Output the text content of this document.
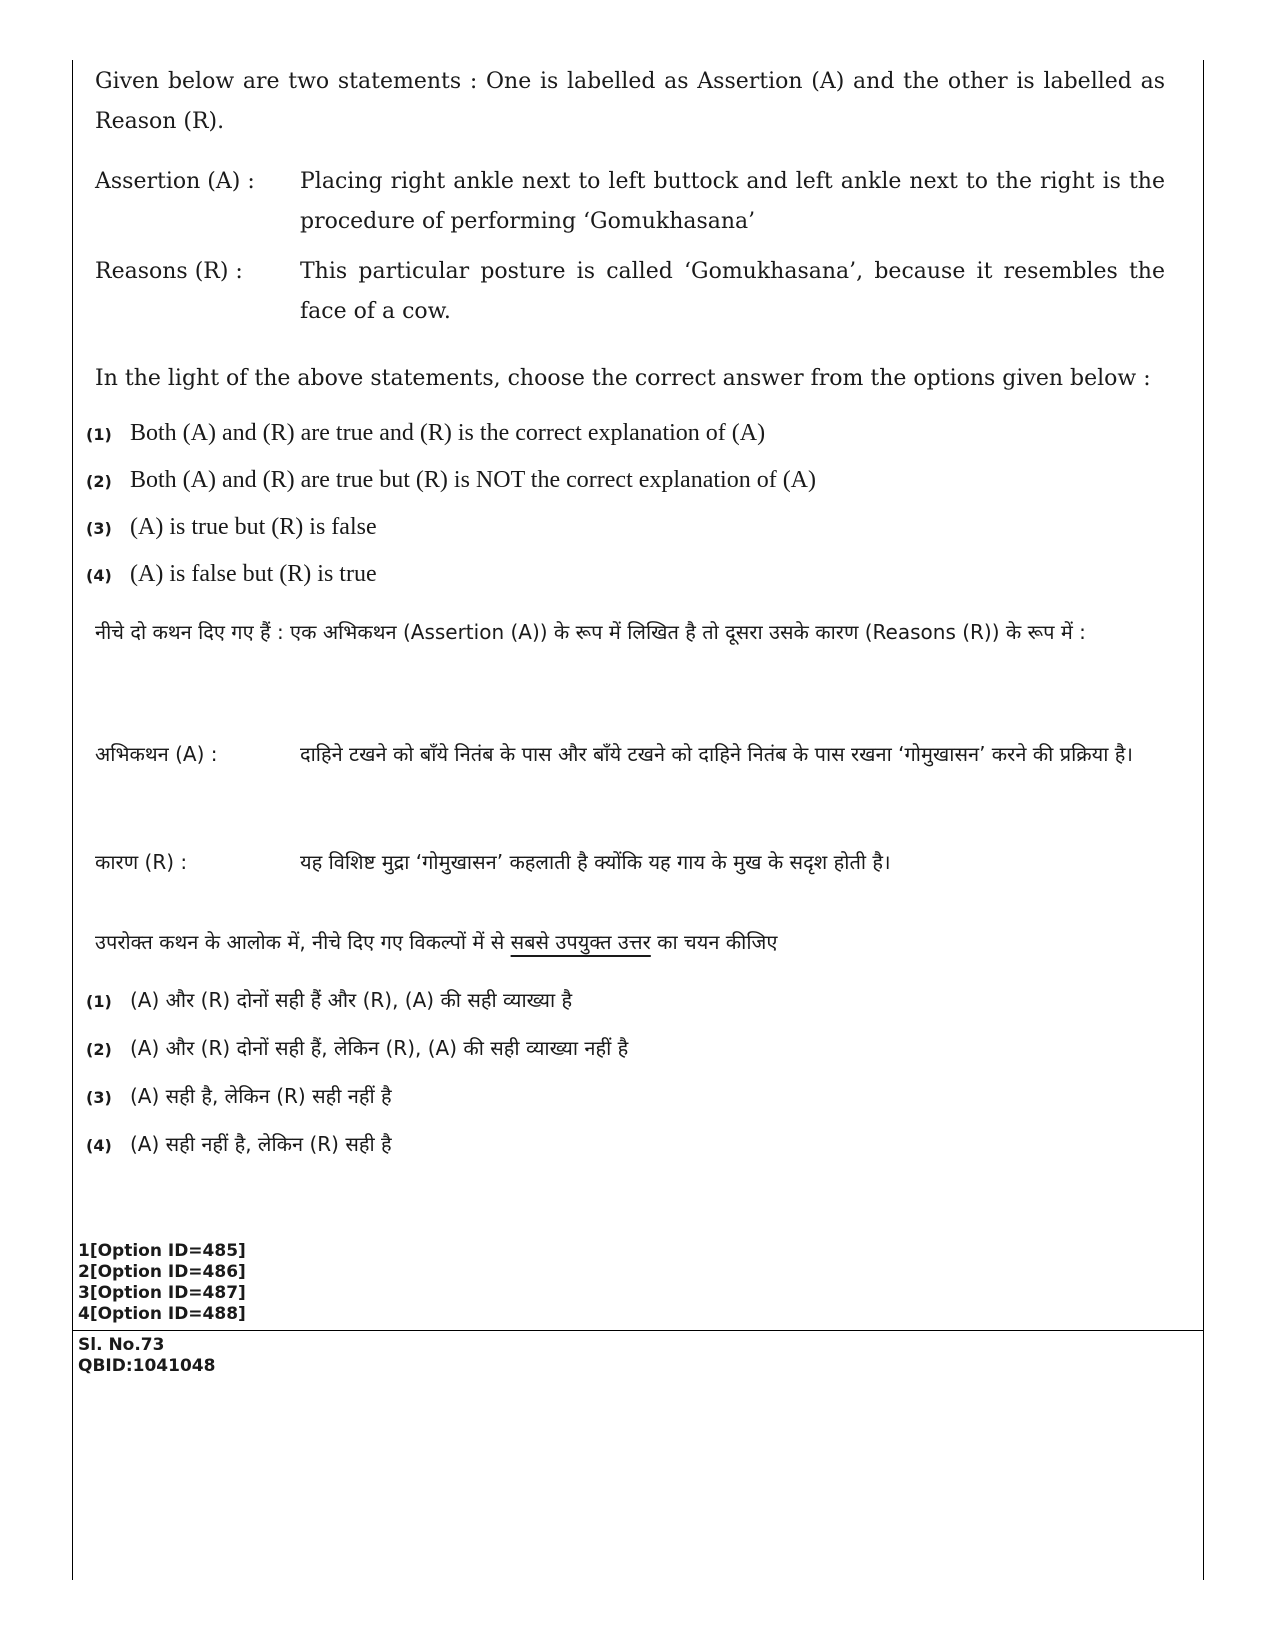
Given below are two statements : One is labelled as Assertion (A) and the other is labelled as Reason (R).
Assertion (A) :	Placing right ankle next to left buttock and left ankle next to the right is the procedure of performing ‘Gomukhasana’
Reasons (R) :	This particular posture is called ‘Gomukhasana’, because it resembles the face of a cow.
In the light of the above statements, choose the correct answer from the options given below :
(1) Both (A) and (R) are true and (R) is the correct explanation of (A)
(2) Both (A) and (R) are true but (R) is NOT the correct explanation of (A)
(3) (A) is true but (R) is false
(4) (A) is false but (R) is true
नीचे दो कथन दिए गए हैं : एक अभिकथन (Assertion (A)) के रूप में लिखित है तो दूसरा उसके कारण (Reasons (R)) के रूप में :
अभिकथन (A) :	दाहिने टखने को बाँये नितंब के पास और बाँये टखने को दाहिने नितंब के पास रखना ‘गोमुखासन’ करने की प्रक्रिया है।
कारण (R) :	यह विशिष्ट मुद्रा ‘गोमुखासन’ कहलाती है क्योंकि यह गाय के मुख के सदृश होती है।
उपरोक्त कथन के आलोक में, नीचे दिए गए विकल्पों में से सबसे उपयुक्त उत्तर का चयन कीजिए
(1) (A) और (R) दोनों सही हैं और (R), (A) की सही व्याख्या है
(2) (A) और (R) दोनों सही हैं, लेकिन (R), (A) की सही व्याख्या नहीं है
(3) (A) सही है, लेकिन (R) सही नहीं है
(4) (A) सही नहीं है, लेकिन (R) सही है
1[Option ID=485]
2[Option ID=486]
3[Option ID=487]
4[Option ID=488]
Sl. No.73
QBID:1041048
